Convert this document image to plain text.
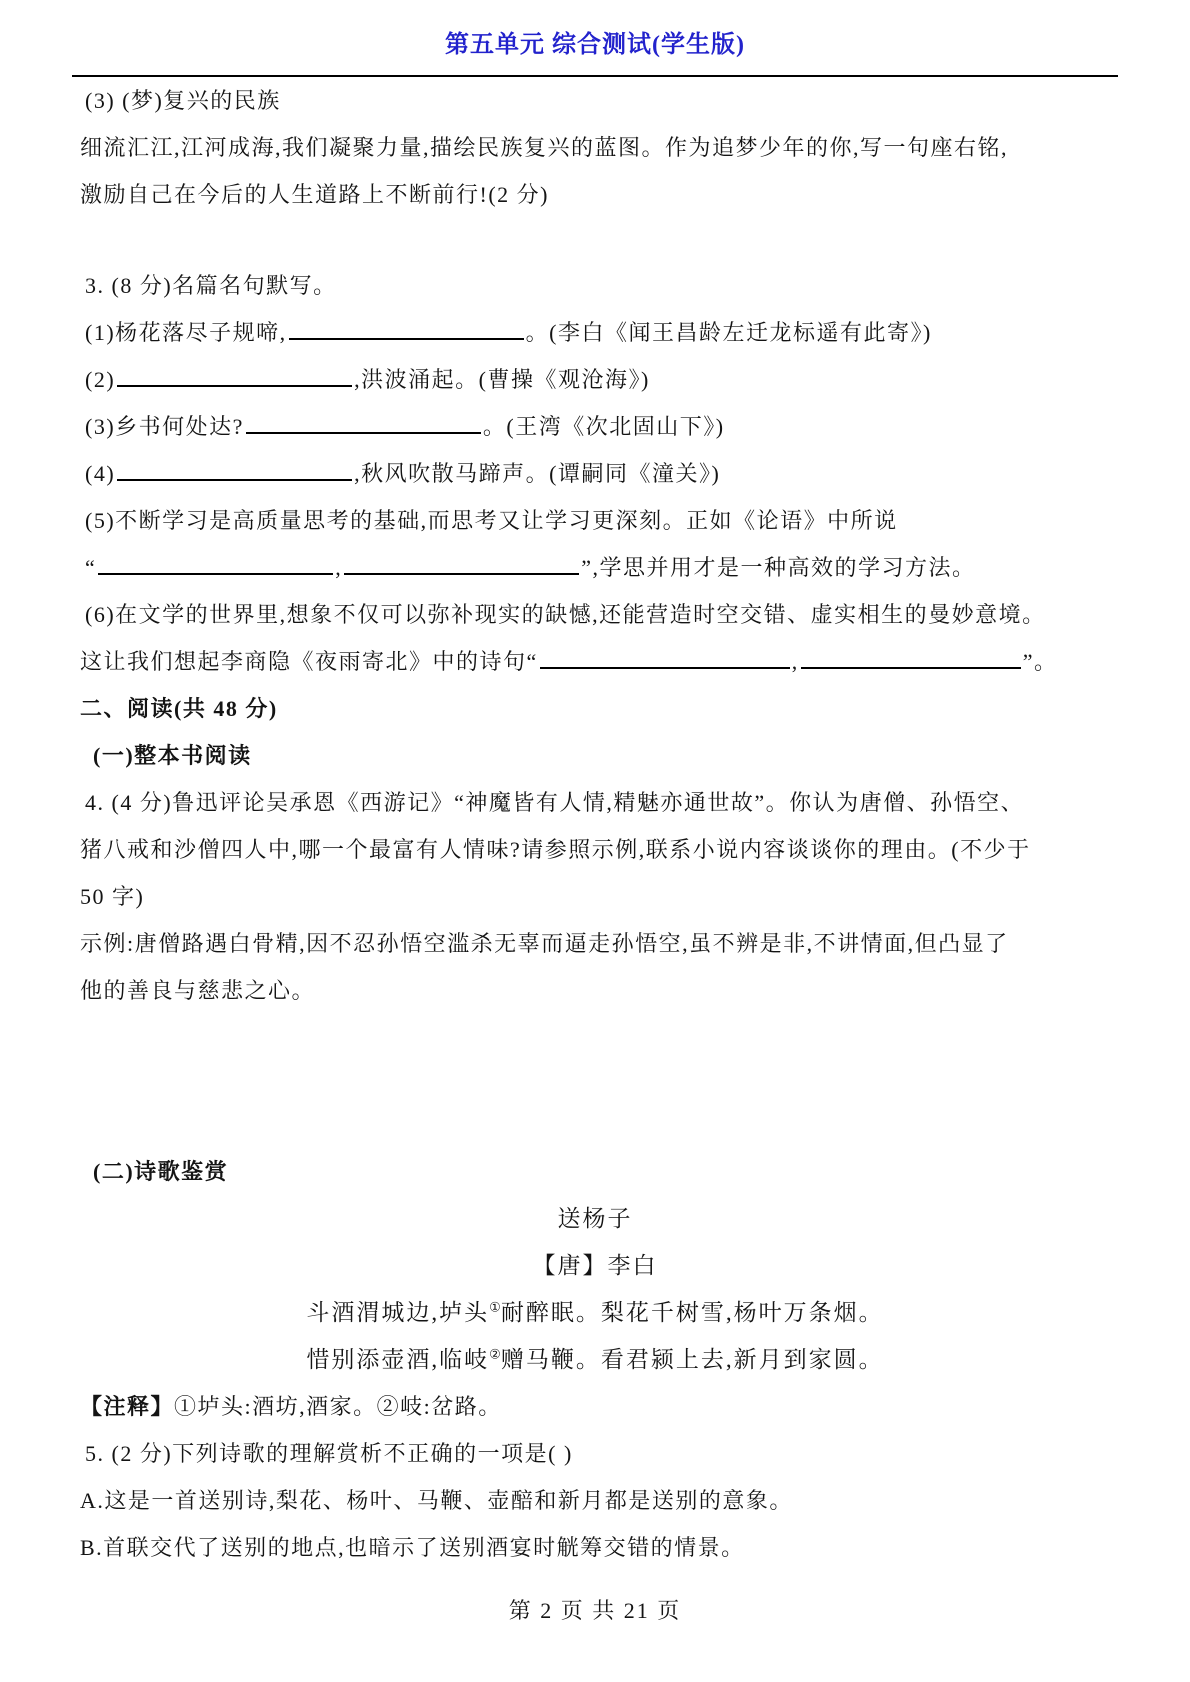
第五单元 综合测试(学生版)
(3) (梦)复兴的民族
细流汇江,江河成海,我们凝聚力量,描绘民族复兴的蓝图。作为追梦少年的你,写一句座右铭,
激励自己在今后的人生道路上不断前行!(2 分)
3. (8 分)名篇名句默写。
(1)杨花落尽子规啼,	。(李白《闻王昌龄左迁龙标遥有此寄》)
(2)	,洪波涌起。(曹操《观沧海》)
(3)乡书何处达?	。(王湾《次北固山下》)
(4)	,秋风吹散马蹄声。(谭嗣同《潼关》)
(5)不断学习是高质量思考的基础,而思考又让学习更深刻。正如《论语》中所说
“	,	”,学思并用才是一种高效的学习方法。
(6)在文学的世界里,想象不仅可以弥补现实的缺憾,还能营造时空交错、虚实相生的曼妙意境。
这让我们想起李商隐《夜雨寄北》中的诗句“	,	”。
二、阅读(共 48 分)
(一)整本书阅读
4. (4 分)鲁迅评论吴承恩《西游记》“神魔皆有人情,精魅亦通世故”。你认为唐僧、孙悟空、
猪八戒和沙僧四人中,哪一个最富有人情味?请参照示例,联系小说内容谈谈你的理由。(不少于
50 字)
示例:唐僧路遇白骨精,因不忍孙悟空滥杀无辜而逼走孙悟空,虽不辨是非,不讲情面,但凸显了
他的善良与慈悲之心。
(二)诗歌鉴赏
送杨子
【唐】李白
斗酒渭城边,垆头①耐醉眠。梨花千树雪,杨叶万条烟。
惜别添壶酒,临岐②赠马鞭。看君颍上去,新月到家圆。
【注释】①垆头:酒坊,酒家。②岐:岔路。
5. (2 分)下列诗歌的理解赏析不正确的一项是( )
A.这是一首送别诗,梨花、杨叶、马鞭、壶醅和新月都是送别的意象。
B.首联交代了送别的地点,也暗示了送别酒宴时觥筹交错的情景。
第 2 页 共 21 页
